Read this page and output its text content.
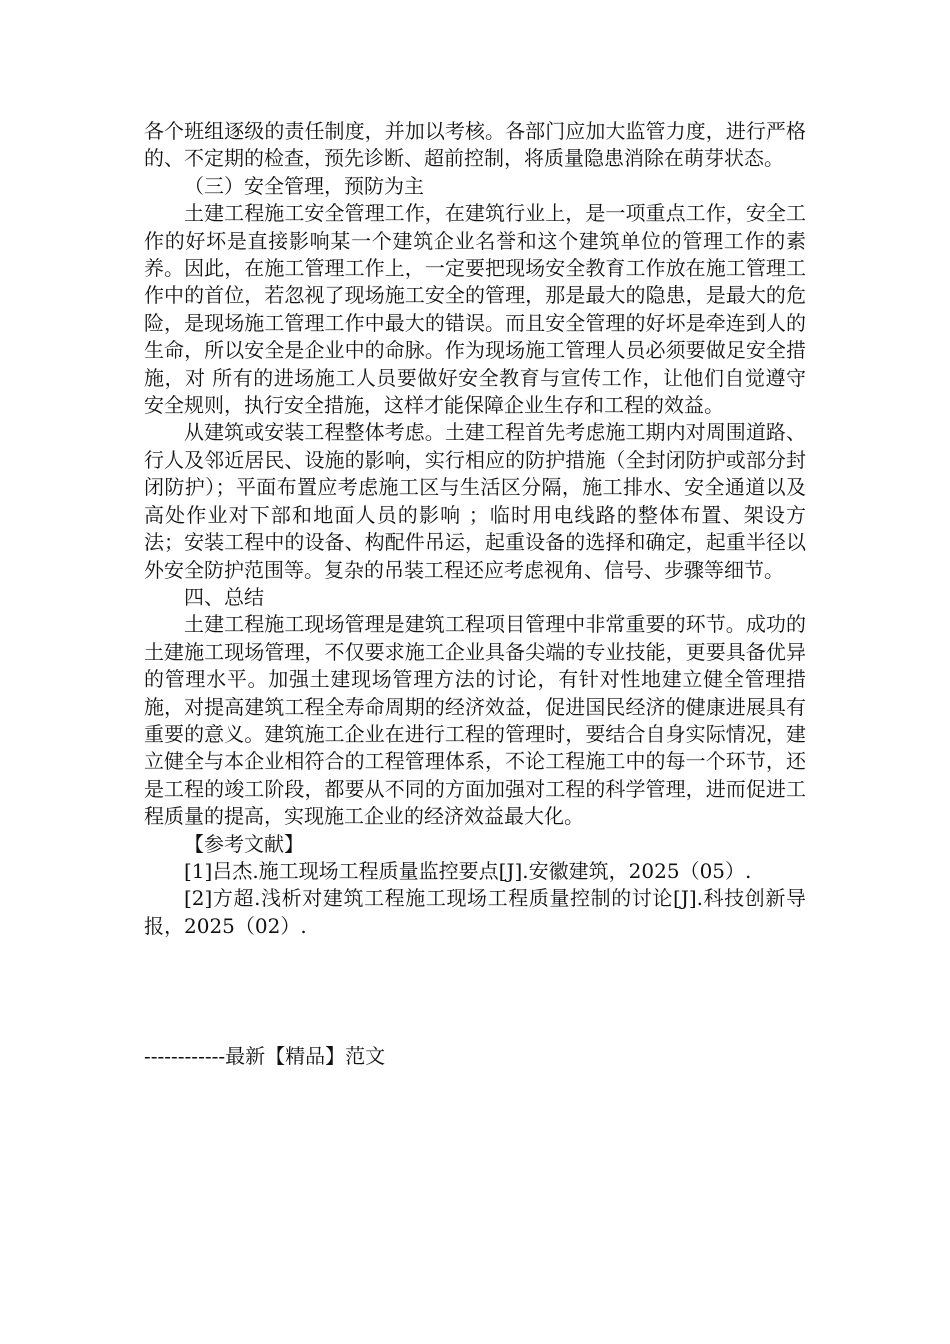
各个班组逐级的责任制度，并加以考核。各部门应加大监管力度，进行严格的、不定期的检查，预先诊断、超前控制，将质量隐患消除在萌芽状态。

（三）安全管理，预防为主

土建工程施工安全管理工作，在建筑行业上，是一项重点工作，安全工作的好坏是直接影响某一个建筑企业名誉和这个建筑单位的管理工作的素养。因此，在施工管理工作上，一定要把现场安全教育工作放在施工管理工作中的首位，若忽视了现场施工安全的管理，那是最大的隐患，是最大的危险，是现场施工管理工作中最大的错误。而且安全管理的好坏是牵连到人的生命，所以安全是企业中的命脉。作为现场施工管理人员必须要做足安全措施，对 所有的进场施工人员要做好安全教育与宣传工作，让他们自觉遵守安全规则，执行安全措施，这样才能保障企业生存和工程的效益。

从建筑或安装工程整体考虑。土建工程首先考虑施工期内对周围道路、行人及邻近居民、设施的影响，实行相应的防护措施（全封闭防护或部分封闭防护）；平面布置应考虑施工区与生活区分隔，施工排水、安全通道以及高处作业对下部和地面人员的影响 ；临时用电线路的整体布置、架设方法；安装工程中的设备、构配件吊运，起重设备的选择和确定，起重半径以外安全防护范围等。复杂的吊装工程还应考虑视角、信号、步骤等细节。

四、总结

土建工程施工现场管理是建筑工程项目管理中非常重要的环节。成功的土建施工现场管理，不仅要求施工企业具备尖端的专业技能，更要具备优异的管理水平。加强土建现场管理方法的讨论，有针对性地建立健全管理措施，对提高建筑工程全寿命周期的经济效益，促进国民经济的健康进展具有重要的意义。建筑施工企业在进行工程的管理时，要结合自身实际情况，建立健全与本企业相符合的工程管理体系，不论工程施工中的每一个环节，还是工程的竣工阶段，都要从不同的方面加强对工程的科学管理，进而促进工程质量的提高，实现施工企业的经济效益最大化。

【参考文献】

[1]吕杰.施工现场工程质量监控要点[J].安徽建筑，2025（05）.

[2]方超.浅析对建筑工程施工现场工程质量控制的讨论[J].科技创新导报，2025（02）.

------------最新【精品】范文
